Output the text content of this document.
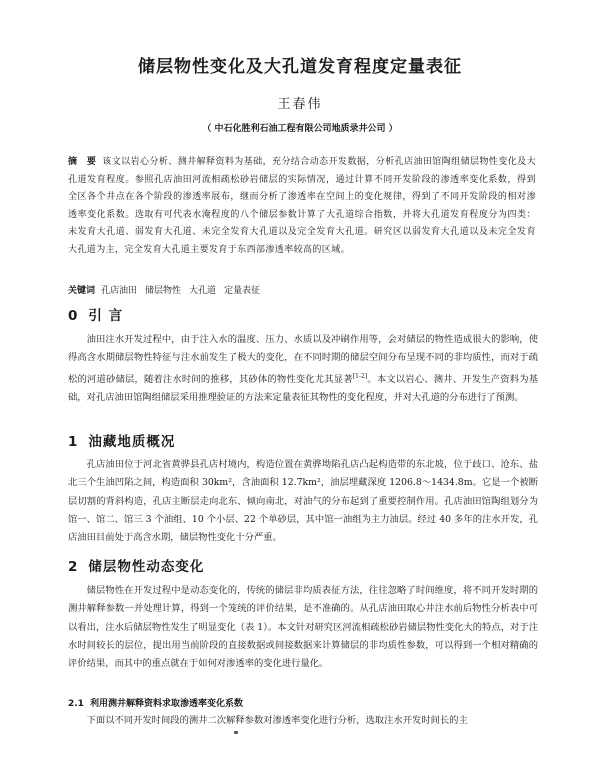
储层物性变化及大孔道发育程度定量表征
王春伟
（ 中石化胜利石油工程有限公司地质录井公司 ）

摘　要 该文以岩心分析、测井解释资料为基础，充分结合动态开发数据，分析孔店油田馆陶组储层物性变化及大孔道发育程度。参照孔店油田河流相疏松砂岩储层的实际情况，通过计算不同开发阶段的渗透率变化系数，得到全区各个井点在各个阶段的渗透率展布，继而分析了渗透率在空间上的变化规律，得到了不同开发阶段的相对渗透率变化系数。选取有可代表水淹程度的八个储层参数计算了大孔道综合指数，并将大孔道发育程度分为四类：未发育大孔道、弱发育大孔道、未完全发育大孔道以及完全发育大孔道。研究区以弱发育大孔道以及未完全发育大孔道为主，完全发育大孔道主要发育于东西部渗透率较高的区域。

关键词 孔店油田 储层物性 大孔道 定量表征

0 引 言

油田注水开发过程中，由于注入水的温度、压力、水质以及冲刷作用等，会对储层的物性造成很大的影响，使得高含水期储层物性特征与注水前发生了极大的变化，在不同时期的储层空间分布呈现不同的非均质性，而对于疏松的河道砂储层，随着注水时间的推移，其砂体的物性变化尤其显著[1-2]。本文以岩心、测井、开发生产资料为基础，对孔店油田馆陶组储层采用推理验证的方法来定量表征其物性的变化程度，并对大孔道的分布进行了预测。

1 油藏地质概况

孔店油田位于河北省黄骅县孔店村境内，构造位置在黄骅坳陷孔店凸起构造带的东北坡，位于歧口、沧东、盐北三个生油凹陷之间，构造面积 30km²，含油面积 12.7km²，油层埋藏深度 1206.8～1434.8m。它是一个被断层切割的背斜构造，孔店主断层走向北东、倾向南北，对油气的分布起到了重要控制作用。孔店油田馆陶组划分为馆一、馆二、馆三 3 个油组、10 个小层、22 个单砂层，其中馆一油组为主力油层。经过 40 多年的注水开发，孔店油田目前处于高含水期，储层物性变化十分严重。

2 储层物性动态变化

储层物性在开发过程中是动态变化的，传统的储层非均质表征方法，往往忽略了时间维度，将不同开发时期的测井解释参数一并处理计算，得到一个笼统的评价结果，是不准确的。从孔店油田取心井注水前后物性分析表中可以看出，注水后储层物性发生了明显变化（表 1）。本文针对研究区河流相疏松砂岩储层物性变化大的特点，对于注水时间较长的层位，提出用当前阶段的直接数据或间接数据来计算储层的非均质性参数，可以得到一个相对精确的评价结果，而其中的重点就在于如何对渗透率的变化进行量化。

2.1 利用测井解释资料求取渗透率变化系数

下面以不同开发时间段的测井二次解释参数对渗透率变化进行分析，选取注水开发时间长的主
